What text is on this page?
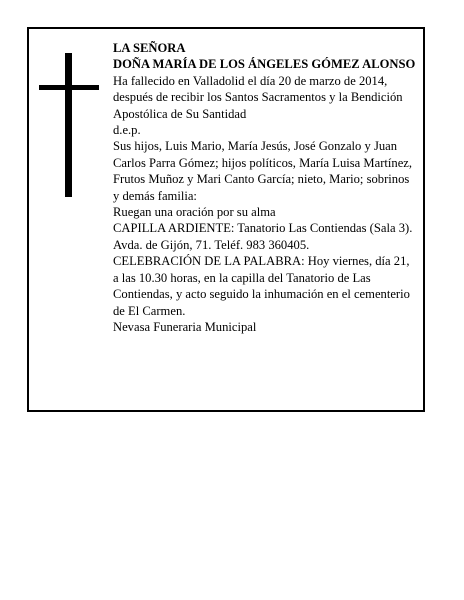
LA SEÑORA

DOÑA MARÍA DE LOS ÁNGELES GÓMEZ ALONSO

Ha fallecido en Valladolid el día 20 de marzo de 2014, después de recibir los Santos Sacramentos y la Bendición Apostólica de Su Santidad

d.e.p.

Sus hijos, Luis Mario, María Jesús, José Gonzalo y Juan Carlos Parra Gómez; hijos políticos, María Luisa Martínez, Frutos Muñoz y Mari Canto García; nieto, Mario; sobrinos y demás familia:

Ruegan una oración por su alma

CAPILLA ARDIENTE: Tanatorio Las Contiendas (Sala 3). Avda. de Gijón, 71. Teléf. 983 360405.

CELEBRACIÓN DE LA PALABRA: Hoy viernes, día 21, a las 10.30 horas, en la capilla del Tanatorio de Las Contiendas, y acto seguido la inhumación en el cementerio de El Carmen.

Nevasa Funeraria Municipal
